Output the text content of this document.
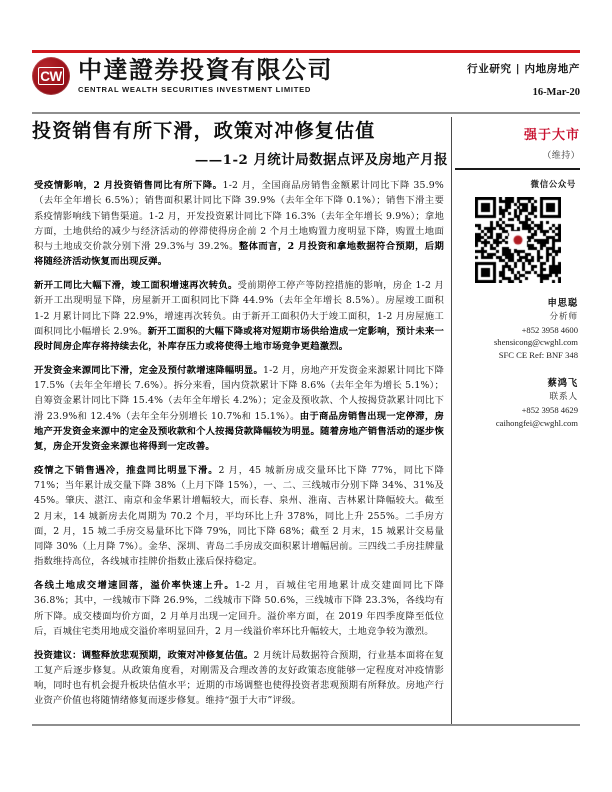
CW 中達證券投資有限公司
CENTRAL WEALTH SECURITIES INVESTMENT LIMITED
行业研究 | 内地房地产
16-Mar-20
投资销售有所下滑，政策对冲修复估值
——1-2 月统计局数据点评及房地产月报
强于大市
（维持）

受疫情影响，2 月投资销售同比有所下降。1-2 月，全国商品房销售金额累计同比下降 35.9%（去年全年增长 6.5%）；销售面积累计同比下降 39.9%（去年全年下降 0.1%）；销售下滑主要系疫情影响线下销售渠道。1-2 月，开发投资累计同比下降 16.3%（去年全年增长 9.9%）；拿地方面，土地供给的减少与经济活动的停滞使得房企前 2 个月土地购置力度明显下降，购置土地面积与土地成交价款分别下滑 29.3%与 39.2%。整体而言，2 月投资和拿地数据符合预期，后期将随经济活动恢复而出现反弹。

新开工同比大幅下滑，竣工面积增速再次转负。受前期停工停产等防控措施的影响，房企 1-2 月新开工出现明显下降，房屋新开工面积同比下降 44.9%（去年全年增长 8.5%）。房屋竣工面积 1-2 月累计同比下降 22.9%，增速再次转负。由于新开工面积仍大于竣工面积，1-2 月房屋施工面积同比小幅增长 2.9%。新开工面积的大幅下降或将对短期市场供给造成一定影响，预计未来一段时间房企库存将持续去化，补库存压力或将使得土地市场竞争更趋激烈。

开发资金来源同比下滑，定金及预付款增速降幅明显。1-2 月，房地产开发资金来源累计同比下降 17.5%（去年全年增长 7.6%）。拆分来看，国内贷款累计下降 8.6%（去年全年为增长 5.1%）；自筹资金累计同比下降 15.4%（去年全年增长 4.2%）；定金及预收款、个人按揭贷款累计同比下滑 23.9%和 12.4%（去年全年分别增长 10.7%和 15.1%）。由于商品房销售出现一定停滞，房地产开发资金来源中的定金及预收款和个人按揭贷款降幅较为明显。随着房地产销售活动的逐步恢复，房企开发资金来源也将得到一定改善。

疫情之下销售遇冷，推盘同比明显下滑。2 月，45 城新房成交量环比下降 77%，同比下降 71%；当年累计成交量下降 38%（上月下降 15%），一、二、三线城市分别下降 34%、31%及 45%。肇庆、湛江、南京和金华累计增幅较大，而长春、泉州、淮南、吉林累计降幅较大。截至 2 月末，14 城新房去化周期为 70.2 个月，平均环比上升 378%，同比上升 255%。二手房方面，2 月，15 城二手房交易量环比下降 79%，同比下降 68%；截至 2 月末，15 城累计交易量同降 30%（上月降 7%）。金华、深圳、青岛二手房成交面积累计增幅居前。三四线二手房挂牌量指数维持高位，各线城市挂牌价指数止涨后保持稳定。

各线土地成交增速回落，溢价率快速上升。1-2 月，百城住宅用地累计成交建面同比下降 36.8%；其中，一线城市下降 26.9%，二线城市下降 50.6%，三线城市下降 23.3%，各线均有所下降。成交楼面均价方面，2 月单月出现一定回升。溢价率方面，在 2019 年四季度降至低位后，百城住宅类用地成交溢价率明显回升，2 月一线溢价率环比升幅较大，土地竞争较为激烈。

投资建议：调整释放悲观预期，政策对冲修复估值。2 月统计局数据符合预期，行业基本面将在复工复产后逐步修复。从政策角度看，对刚需及合理改善的友好政策态度能够一定程度对冲疫情影响，同时也有机会提升板块估值水平；近期的市场调整也使得投资者悲观预期有所释放。房地产行业资产价值也将随情绪修复而逐步修复。维持“强于大市”评级。

微信公众号
申思聪
分析师
+852 3958 4600
shensicong@cwghl.com
SFC CE Ref: BNF 348
蔡鸿飞
联系人
+852 3958 4629
caihongfei@cwghl.com
